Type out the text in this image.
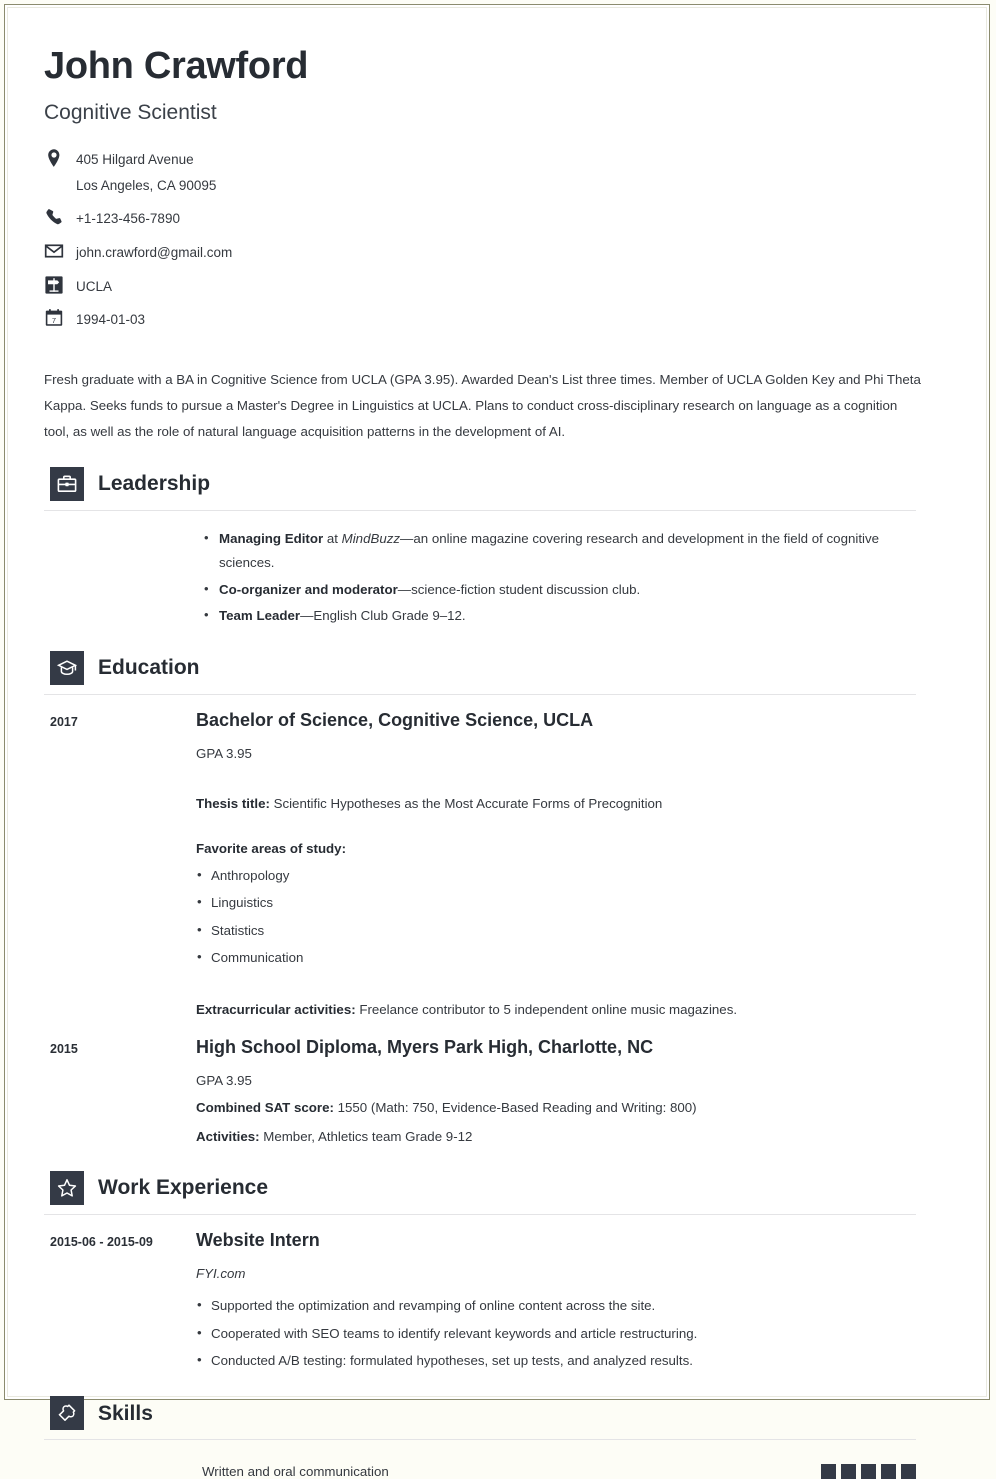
John Crawford
Cognitive Scientist
405 Hilgard Avenue
Los Angeles, CA 90095
+1-123-456-7890
john.crawford@gmail.com
UCLA
7 1994-01-03

Fresh graduate with a BA in Cognitive Science from UCLA (GPA 3.95). Awarded Dean's List three times. Member of UCLA Golden Key and Phi Theta Kappa. Seeks funds to pursue a Master's Degree in Linguistics at UCLA. Plans to conduct cross-disciplinary research on language as a cognition tool, as well as the role of natural language acquisition patterns in the development of AI.

Leadership
• Managing Editor at MindBuzz—an online magazine covering research and development in the field of cognitive sciences.
• Co-organizer and moderator—science-fiction student discussion club.
• Team Leader—English Club Grade 9–12.
Education
2017	Bachelor of Science, Cognitive Science, UCLA
GPA 3.95
Thesis title: Scientific Hypotheses as the Most Accurate Forms of Precognition
Favorite areas of study:
• Anthropology
• Linguistics
• Statistics
• Communication
Extracurricular activities: Freelance contributor to 5 independent online music magazines.
2015	High School Diploma, Myers Park High, Charlotte, NC
GPA 3.95
Combined SAT score: 1550 (Math: 750, Evidence-Based Reading and Writing: 800)
Activities: Member, Athletics team Grade 9-12
Work Experience
2015-06 - 2015-09	Website Intern
FYI.com
• Supported the optimization and revamping of online content across the site.
• Cooperated with SEO teams to identify relevant keywords and article restructuring.
• Conducted A/B testing: formulated hypotheses, set up tests, and analyzed results.
Skills
Written and oral communication
